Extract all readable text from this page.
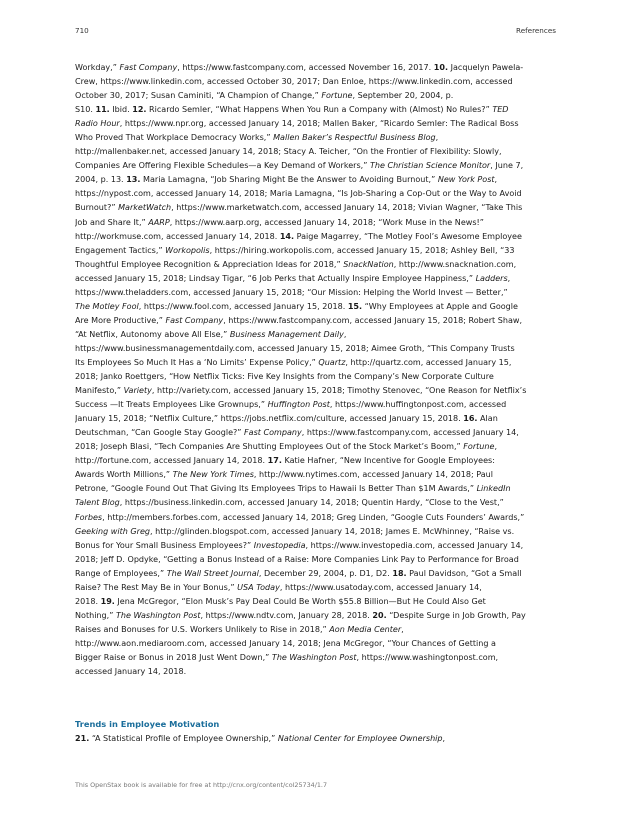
710	References
Workday,” Fast Company, https://www.fastcompany.com, accessed November 16, 2017. 10. Jacquelyn Pawela-
Crew, https://www.linkedin.com, accessed October 30, 2017; Dan Enloe, https://www.linkedin.com, accessed
October 30, 2017; Susan Caminiti, “A Champion of Change,” Fortune, September 20, 2004, p.
S10. 11. Ibid. 12. Ricardo Semler, “What Happens When You Run a Company with (Almost) No Rules?” TED
Radio Hour, https://www.npr.org, accessed January 14, 2018; Mallen Baker, “Ricardo Semler: The Radical Boss
Who Proved That Workplace Democracy Works,” Mallen Baker’s Respectful Business Blog,
http://mallenbaker.net, accessed January 14, 2018; Stacy A. Teicher, “On the Frontier of Flexibility: Slowly,
Companies Are Offering Flexible Schedules—a Key Demand of Workers,” The Christian Science Monitor, June 7,
2004, p. 13. 13. Maria Lamagna, “Job Sharing Might Be the Answer to Avoiding Burnout,” New York Post,
https://nypost.com, accessed January 14, 2018; Maria Lamagna, “Is Job-Sharing a Cop-Out or the Way to Avoid
Burnout?” MarketWatch, https://www.marketwatch.com, accessed January 14, 2018; Vivian Wagner, “Take This
Job and Share It,” AARP, https://www.aarp.org, accessed January 14, 2018; “Work Muse in the News!”
http://workmuse.com, accessed January 14, 2018. 14. Paige Magarrey, “The Motley Fool’s Awesome Employee
Engagement Tactics,” Workopolis, https://hiring.workopolis.com, accessed January 15, 2018; Ashley Bell, “33
Thoughtful Employee Recognition & Appreciation Ideas for 2018,” SnackNation, http://www.snacknation.com,
accessed January 15, 2018; Lindsay Tigar, “6 Job Perks that Actually Inspire Employee Happiness,” Ladders,
https://www.theladders.com, accessed January 15, 2018; “Our Mission: Helping the World Invest — Better,”
The Motley Fool, https://www.fool.com, accessed January 15, 2018. 15. “Why Employees at Apple and Google
Are More Productive,” Fast Company, https://www.fastcompany.com, accessed January 15, 2018; Robert Shaw,
“At Netflix, Autonomy above All Else,” Business Management Daily,
https://www.businessmanagementdaily.com, accessed January 15, 2018; Aimee Groth, “This Company Trusts
Its Employees So Much It Has a ‘No Limits’ Expense Policy,” Quartz, http://quartz.com, accessed January 15,
2018; Janko Roettgers, “How Netflix Ticks: Five Key Insights from the Company’s New Corporate Culture
Manifesto,” Variety, http://variety.com, accessed January 15, 2018; Timothy Stenovec, “One Reason for Netflix’s
Success —It Treats Employees Like Grownups,” Huffington Post, https://www.huffingtonpost.com, accessed
January 15, 2018; “Netflix Culture,” https://jobs.netflix.com/culture, accessed January 15, 2018. 16. Alan
Deutschman, “Can Google Stay Google?” Fast Company, https://www.fastcompany.com, accessed January 14,
2018; Joseph Blasi, “Tech Companies Are Shutting Employees Out of the Stock Market’s Boom,” Fortune,
http://fortune.com, accessed January 14, 2018. 17. Katie Hafner, “New Incentive for Google Employees:
Awards Worth Millions,” The New York Times, http://www.nytimes.com, accessed January 14, 2018; Paul
Petrone, “Google Found Out That Giving Its Employees Trips to Hawaii Is Better Than $1M Awards,” LinkedIn
Talent Blog, https://business.linkedin.com, accessed January 14, 2018; Quentin Hardy, “Close to the Vest,”
Forbes, http://members.forbes.com, accessed January 14, 2018; Greg Linden, “Google Cuts Founders’ Awards,”
Geeking with Greg, http://glinden.blogspot.com, accessed January 14, 2018; James E. McWhinney, “Raise vs.
Bonus for Your Small Business Employees?” Investopedia, https://www.investopedia.com, accessed January 14,
2018; Jeff D. Opdyke, “Getting a Bonus Instead of a Raise: More Companies Link Pay to Performance for Broad
Range of Employees,” The Wall Street Journal, December 29, 2004, p. D1, D2. 18. Paul Davidson, “Got a Small
Raise? The Rest May Be in Your Bonus,” USA Today, https://www.usatoday.com, accessed January 14,
2018. 19. Jena McGregor, “Elon Musk’s Pay Deal Could Be Worth $55.8 Billion—But He Could Also Get
Nothing,” The Washington Post, https://www.ndtv.com, January 28, 2018. 20. “Despite Surge in Job Growth, Pay
Raises and Bonuses for U.S. Workers Unlikely to Rise in 2018,” Aon Media Center,
http://www.aon.mediaroom.com, accessed January 14, 2018; Jena McGregor, “Your Chances of Getting a
Bigger Raise or Bonus in 2018 Just Went Down,” The Washington Post, https://www.washingtonpost.com,
accessed January 14, 2018.
Trends in Employee Motivation
21. “A Statistical Profile of Employee Ownership,” National Center for Employee Ownership,
This OpenStax book is available for free at http://cnx.org/content/col25734/1.7
